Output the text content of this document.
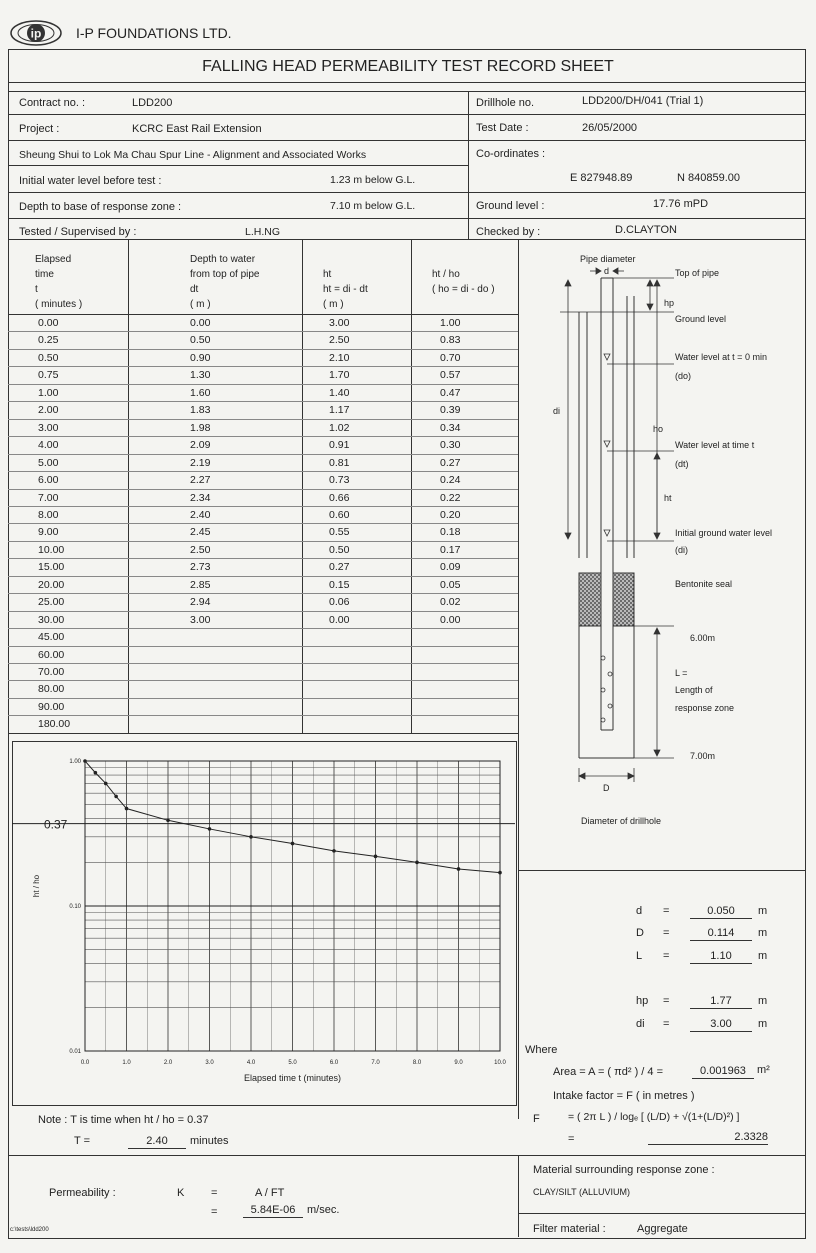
ip I-P FOUNDATIONS LTD.
FALLING HEAD PERMEABILITY TEST RECORD SHEET
Contract no. :	LDD200	Drillhole no.	LDD200/DH/041 (Trial 1)
Project :	KCRC East Rail Extension	Test Date :	26/05/2000
Sheung Shui to Lok Ma Chau Spur Line - Alignment and Associated Works	Co-ordinates :
E 827948.89	N 840859.00
Initial water level before test :	1.23 m below G.L.
Depth to base of response zone :	7.10 m below G.L.	Ground level :	17.76 mPD
Tested / Supervised by :	L.H.NG	Checked by :	D.CLAYTON
Elapsed
time
t
( minutes )
Depth to water
from top of pipe
dt
( m )
ht
ht = di - dt
( m )
ht / ho
( ho = di - do )
0.00	0.00	3.00	1.00
0.25	0.50	2.50	0.83
0.50	0.90	2.10	0.70
0.75	1.30	1.70	0.57
1.00	1.60	1.40	0.47
2.00	1.83	1.17	0.39
3.00	1.98	1.02	0.34
4.00	2.09	0.91	0.30
5.00	2.19	0.81	0.27
6.00	2.27	0.73	0.24
7.00	2.34	0.66	0.22
8.00	2.40	0.60	0.20
9.00	2.45	0.55	0.18
10.00	2.50	0.50	0.17
15.00	2.73	0.27	0.09
20.00	2.85	0.15	0.05
25.00	2.94	0.06	0.02
30.00	3.00	0.00	0.00
45.00
60.00
70.00
80.00
90.00
180.00
Pipe diameter
d	Top of pipe
hp
Ground level
Water level at t = 0 min
(do)
di
ho
Water level at time t
(dt)
ht
Initial ground water level
(di)
Bentonite seal
6.00m
L =
Length of
response zone
7.00m
D
Diameter of drillhole
0.37
0.0	1.0	2.0	3.0	4.0	5.0	6.0	7.0	8.0	9.0	10.0
1.00
0.10
0.01
Elapsed time t (minutes)
ht / ho
d =	0.050	m
D =	0.114	m
L =	1.10	m
hp =	1.77	m
di =	3.00	m
Where
Area = A = ( πd² ) / 4 =	0.001963	m²
Intake factor = F ( in metres )
F	= ( 2π L ) / logₑ [ (L/D) + √(1+(L/D)²) ]
=	2.3328
Note : T is time when ht / ho = 0.37
T =	2.40	minutes
Permeability :	K =	A / FT
=	5.84E-06	m/sec.
Material surrounding response zone :
CLAY/SILT (ALLUVIUM)
Filter material :	Aggregate
c:\tests\ldd200
